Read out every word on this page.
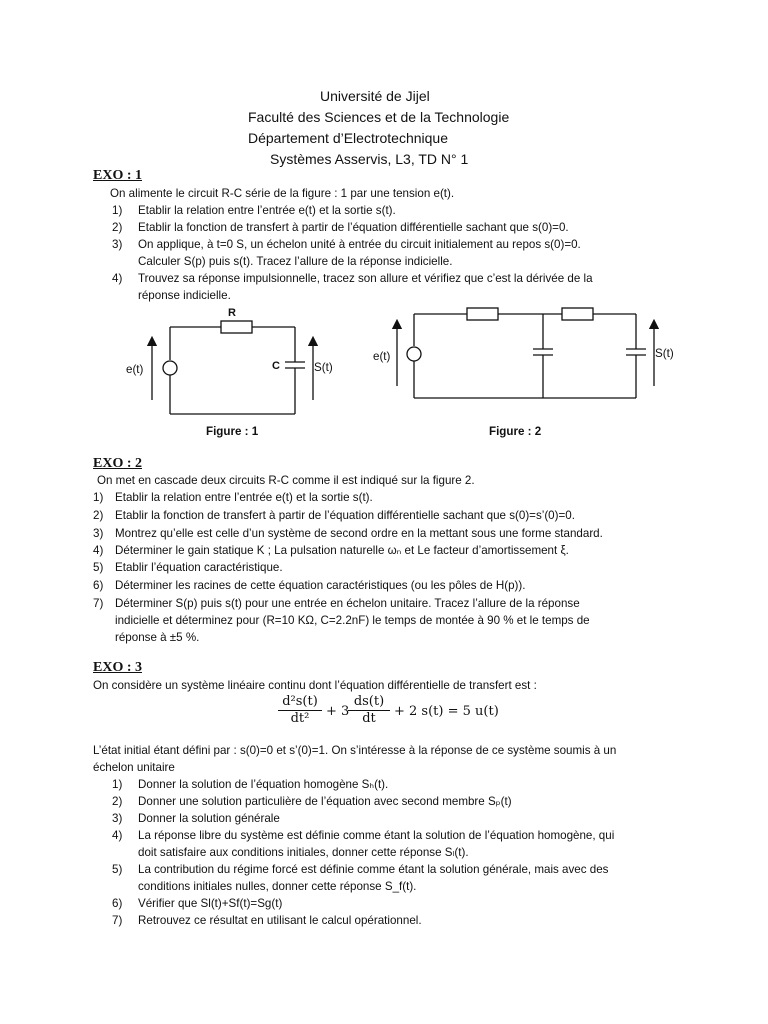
Université de Jijel
Faculté des Sciences et de la Technologie
Département d’Electrotechnique
Systèmes Asservis, L3, TD N° 1
EXO : 1
On alimente le circuit R-C série de la figure : 1 par une tension e(t).
1) Etablir la relation entre l’entrée e(t) et la sortie s(t).
2) Etablir la fonction de transfert à partir de l’équation différentielle sachant que s(0)=0.
3) On applique, à t=0 S, un échelon unité à entrée du circuit initialement au repos s(0)=0.
Calculer S(p) puis s(t). Tracez l’allure de la réponse indicielle.
4) Trouvez sa réponse impulsionnelle, tracez son allure et vérifiez que c’est la dérivée de la
réponse indicielle.
R
C
e(t)	S(t)
Figure : 1
e(t)	S(t)
Figure : 2
EXO : 2
On met en cascade deux circuits R-C comme il est indiqué sur la figure 2.
1) Etablir la relation entre l’entrée e(t) et la sortie s(t).
2) Etablir la fonction de transfert à partir de l’équation différentielle sachant que s(0)=s’(0)=0.
3) Montrez qu’elle est celle d’un système de second ordre en la mettant sous une forme standard.
4) Déterminer le gain statique K ; La pulsation naturelle ωₙ et Le facteur d’amortissement ξ.
5) Etablir l’équation caractéristique.
6) Déterminer les racines de cette équation caractéristiques (ou les pôles de H(p)).
7) Déterminer S(p) puis s(t) pour une entrée en échelon unitaire. Tracez l’allure de la réponse
indicielle et déterminez pour (R=10 KΩ, C=2.2nF) le temps de montée à 90 % et le temps de
réponse à ±5 %.
EXO : 3
On considère un système linéaire continu dont l’équation différentielle de transfert est :
d²s(t)
dt²	+ 3
ds(t)
dt	+ 2 s(t) = 5 u(t)
L’état initial étant défini par : s(0)=0 et s’(0)=1. On s’intéresse à la réponse de ce système soumis à un
échelon unitaire
1) Donner la solution de l’équation homogène Sₕ(t).
2) Donner une solution particulière de l’équation avec second membre Sₚ(t)
3) Donner la solution générale
4) La réponse libre du système est définie comme étant la solution de l’équation homogène, qui
doit satisfaire aux conditions initiales, donner cette réponse Sₗ(t).
5) La contribution du régime forcé est définie comme étant la solution générale, mais avec des
conditions initiales nulles, donner cette réponse S_f(t).
6) Vérifier que Sl(t)+Sf(t)=Sg(t)
7) Retrouvez ce résultat en utilisant le calcul opérationnel.
